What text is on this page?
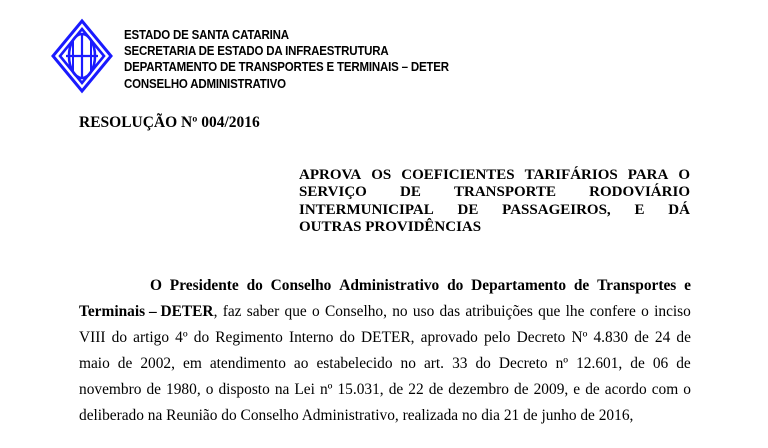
ESTADO DE SANTA CATARINA
SECRETARIA DE ESTADO DA INFRAESTRUTURA
DEPARTAMENTO DE TRANSPORTES E TERMINAIS – DETER
CONSELHO ADMINISTRATIVO
RESOLUÇÃO Nº 004/2016
APROVA OS COEFICIENTES TARIFÁRIOS PARA O
SERVIÇO DE TRANSPORTE RODOVIÁRIO
INTERMUNICIPAL DE PASSAGEIROS, E DÁ
OUTRAS PROVIDÊNCIAS
O Presidente do Conselho Administrativo do Departamento de Transportes e
Terminais – DETER, faz saber que o Conselho, no uso das atribuições que lhe confere o inciso
VIII do artigo 4º do Regimento Interno do DETER, aprovado pelo Decreto Nº 4.830 de 24 de
maio de 2002, em atendimento ao estabelecido no art. 33 do Decreto nº 12.601, de 06 de
novembro de 1980, o disposto na Lei nº 15.031, de 22 de dezembro de 2009, e de acordo com o
deliberado na Reunião do Conselho Administrativo, realizada no dia 21 de junho de 2016,
